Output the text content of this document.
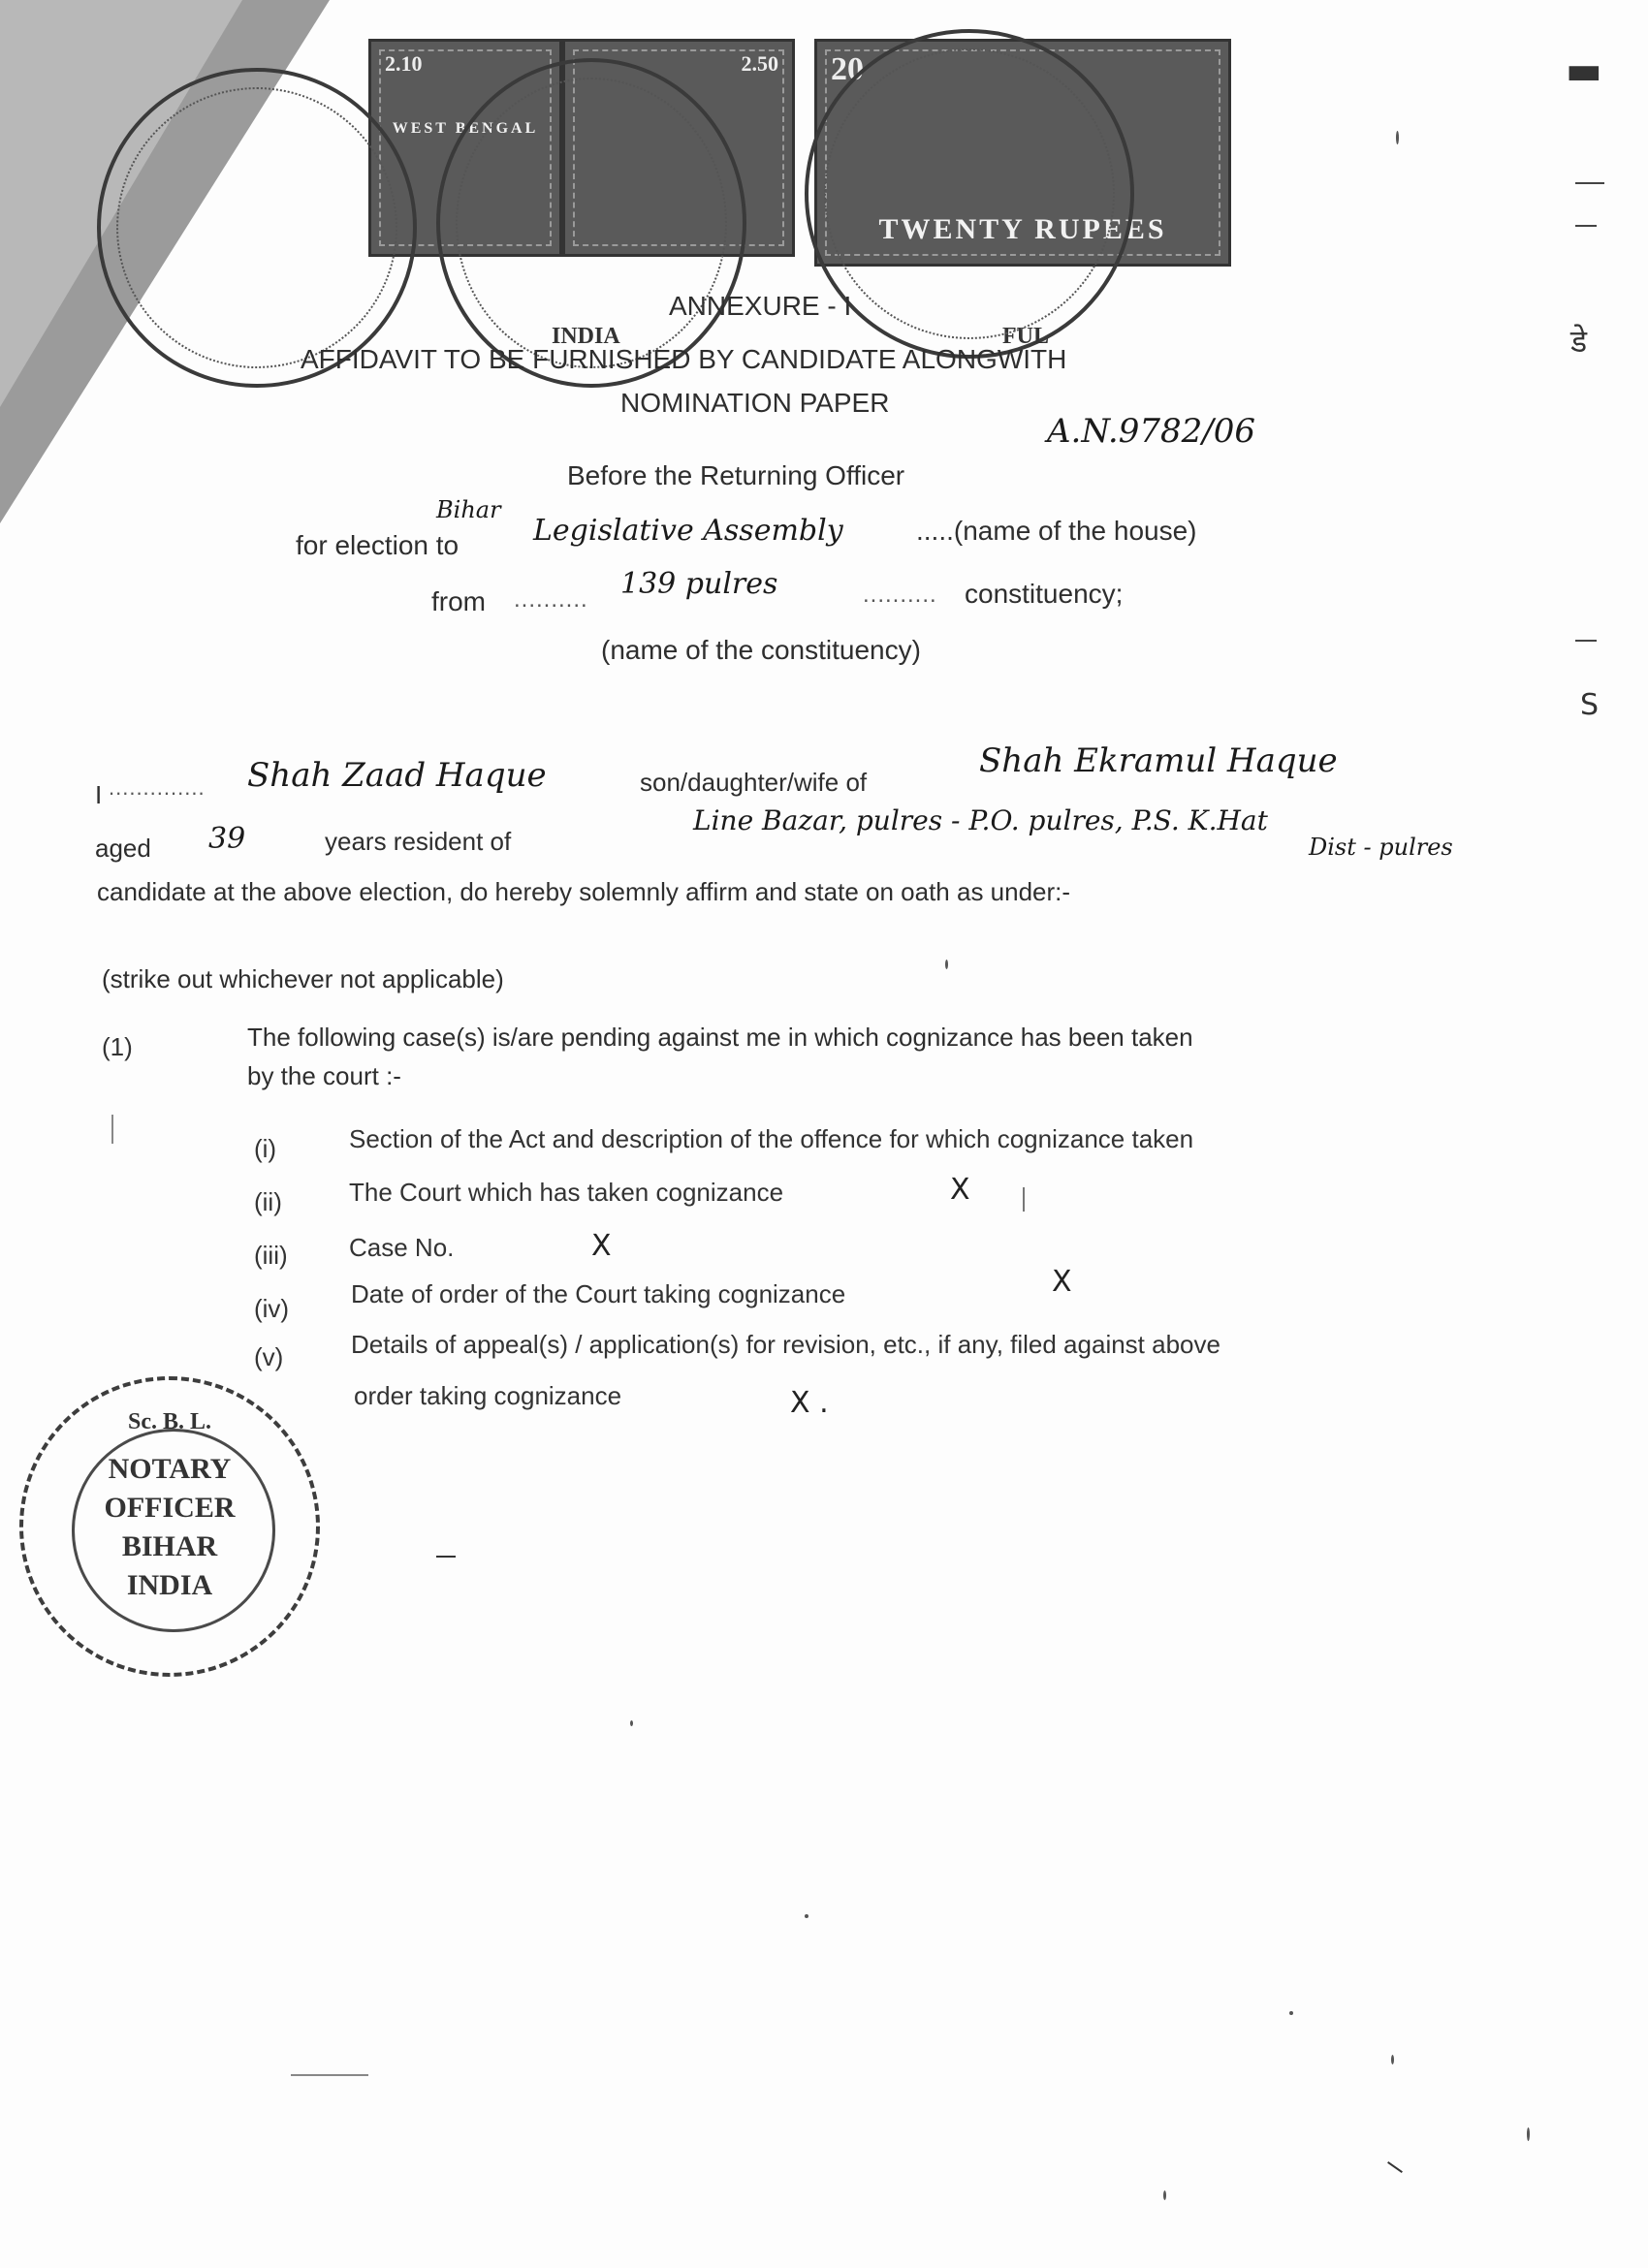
2.10
WEST BENGAL
2.50 20
TWENTY RUPEES
INDIA	FUL
ANNEXURE - I
AFFIDAVIT TO BE FURNISHED BY CANDIDATE ALONGWITH
NOMINATION PAPER
A.N.9782/06
Before the Returning Officer
Bihar
for election to	Legislative Assembly	.....(name of the house)
from .......... 139 pulres	.......... constituency;
(name of the constituency)
I .............. Shah Zaad Haque	son/daughter/wife of
Shah Ekramul Haque
aged 39	years resident of
Line Bazar, pulres - P.O. pulres, P.S. K.Hat
Dist - pulres
candidate at the above election, do hereby solemnly affirm and state on oath as under:-
(strike out whichever not applicable)
(1)	The following case(s) is/are pending against me in which cognizance has been taken
by the court :-
(i)	Section of the Act and description of the offence for which cognizance taken
(ii)	The Court which has taken cognizance	X
(iii) Case No.	X
(iv) Date of order of the Court taking cognizance	X
(v)	Details of appeal(s) / application(s) for revision, etc., if any, filed against above
order taking cognizance	X .
Sc. B. L.
NOTARY
OFFICER
BIHAR
INDIA
▬
डे
S
